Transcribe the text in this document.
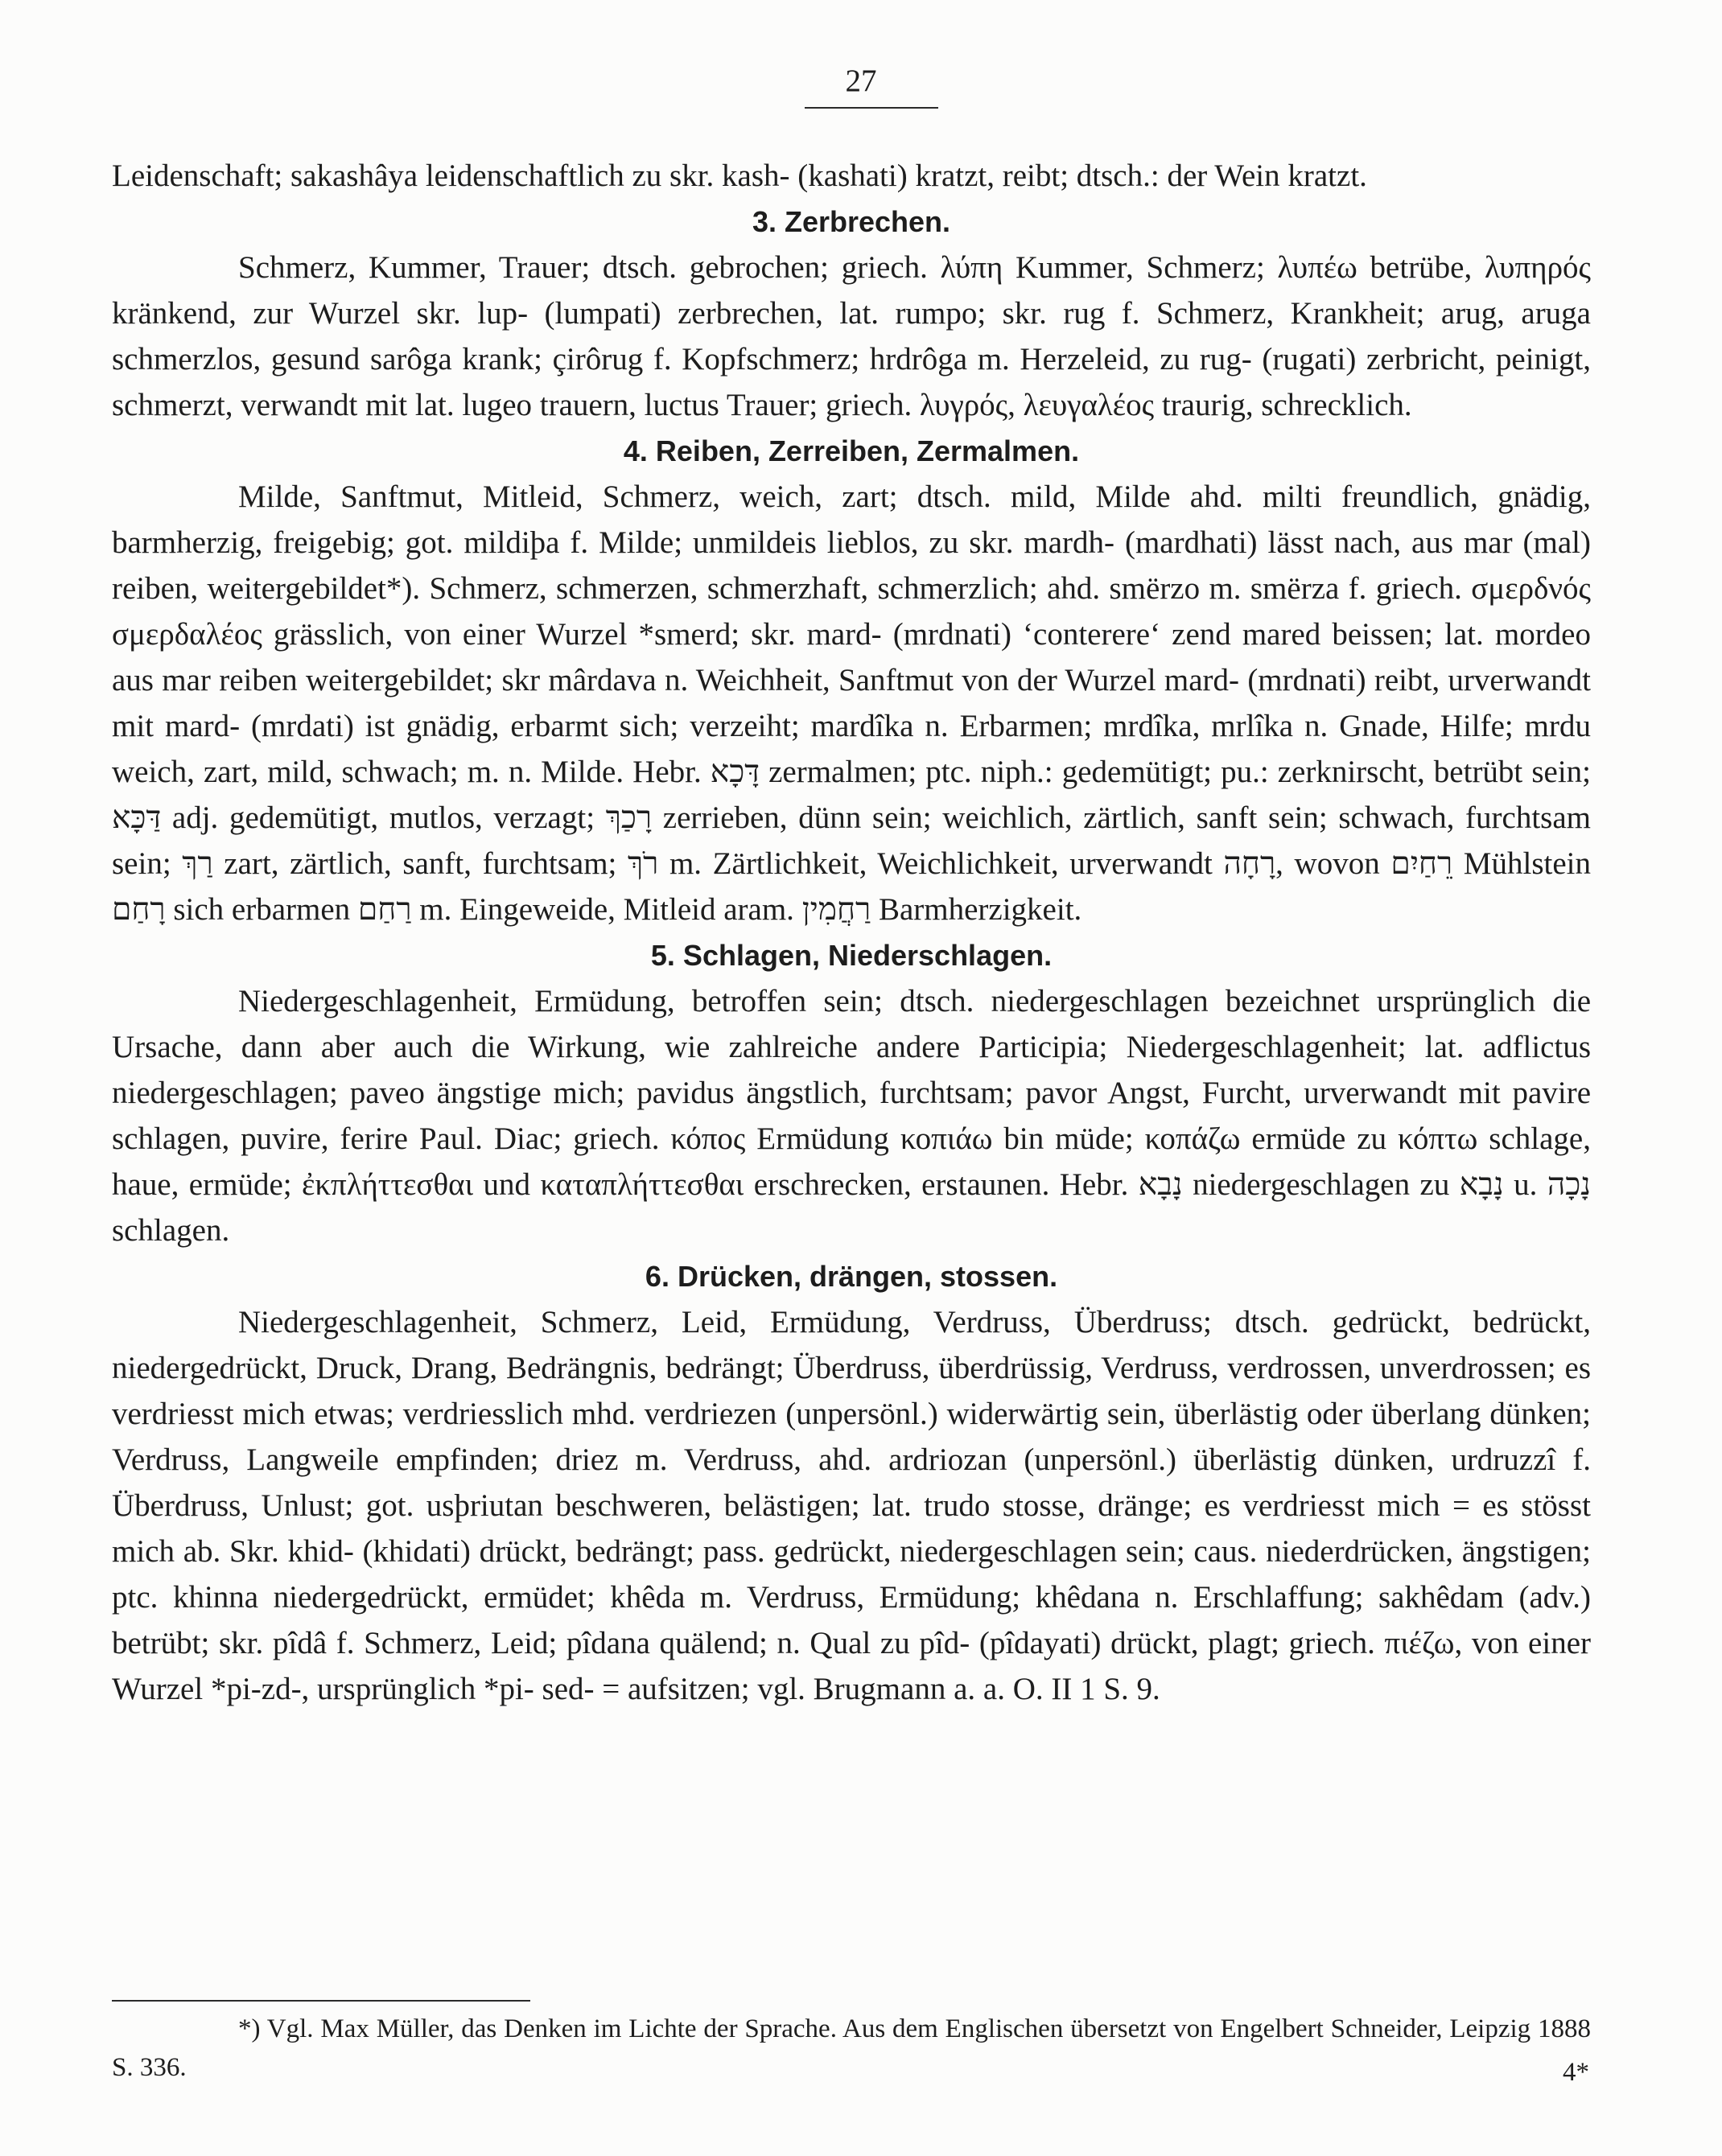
27

Leidenschaft; sakashâya leidenschaftlich zu skr. kash- (kashati) kratzt, reibt; dtsch.: der Wein kratzt.

3. Zerbrechen.

Schmerz, Kummer, Trauer; dtsch. gebrochen; griech. λύπη Kummer, Schmerz; λυπέω betrübe, λυπηρός kränkend, zur Wurzel skr. lup- (lumpati) zerbrechen, lat. rumpo; skr. rug f. Schmerz, Krankheit; arug, aruga schmerzlos, gesund sarôga krank; çirôrug f. Kopfschmerz; hrdrôga m. Herzeleid, zu rug- (rugati) zerbricht, peinigt, schmerzt, verwandt mit lat. lugeo trauern, luctus Trauer; griech. λυγρός, λευγαλέος traurig, schrecklich.

4. Reiben, Zerreiben, Zermalmen.

Milde, Sanftmut, Mitleid, Schmerz, weich, zart; dtsch. mild, Milde ahd. milti freundlich, gnädig, barmherzig, freigebig; got. mildiþa f. Milde; unmildeis lieblos, zu skr. mardh- (mardhati) lässt nach, aus mar (mal) reiben, weitergebildet*). Schmerz, schmerzen, schmerzhaft, schmerzlich; ahd. smërzo m. smërza f. griech. σμερδνός σμερδαλέος grässlich, von einer Wurzel *smerd; skr. mard- (mrdnati) ‘conterere‘ zend mared beissen; lat. mordeo aus mar reiben weitergebildet; skr mârdava n. Weichheit, Sanftmut von der Wurzel mard- (mrdnati) reibt, urverwandt mit mard- (mrdati) ist gnädig, erbarmt sich; verzeiht; mardîka n. Erbarmen; mrdîka, mrlîka n. Gnade, Hilfe; mrdu weich, zart, mild, schwach; m. n. Milde. Hebr. דָּכָא zermalmen; ptc. niph.: gedemütigt; pu.: zerknirscht, betrübt sein; דַּכָּא adj. gedemütigt, mutlos, verzagt; רָכַךְ zerrieben, dünn sein; weichlich, zärtlich, sanft sein; schwach, furchtsam sein; רַךְ zart, zärtlich, sanft, furchtsam; רֹךְ m. Zärtlichkeit, Weichlichkeit, urverwandt רָחָה, wovon רֵחַיִם Mühlstein רָחַם sich erbarmen רַחַם m. Eingeweide, Mitleid aram. רַחֲמִין Barmherzigkeit.

5. Schlagen, Niederschlagen.

Niedergeschlagenheit, Ermüdung, betroffen sein; dtsch. niedergeschlagen bezeichnet ursprünglich die Ursache, dann aber auch die Wirkung, wie zahlreiche andere Participia; Niedergeschlagenheit; lat. adflictus niedergeschlagen; paveo ängstige mich; pavidus ängstlich, furchtsam; pavor Angst, Furcht, urverwandt mit pavire schlagen, puvire, ferire Paul. Diac; griech. κόπος Ermüdung κοπιάω bin müde; κοπάζω ermüde zu κόπτω schlage, haue, ermüde; ἐκπλήττεσθαι und καταπλήττεσθαι erschrecken, erstaunen. Hebr. נָבָא niedergeschlagen zu נָבָא u. נָכָה schlagen.

6. Drücken, drängen, stossen.

Niedergeschlagenheit, Schmerz, Leid, Ermüdung, Verdruss, Überdruss; dtsch. gedrückt, bedrückt, niedergedrückt, Druck, Drang, Bedrängnis, bedrängt; Überdruss, überdrüssig, Verdruss, verdrossen, unverdrossen; es verdriesst mich etwas; verdriesslich mhd. verdriezen (unpersönl.) widerwärtig sein, überlästig oder überlang dünken; Verdruss, Langweile empfinden; driez m. Verdruss, ahd. ardriozan (unpersönl.) überlästig dünken, urdruzzî f. Überdruss, Unlust; got. usþriutan beschweren, belästigen; lat. trudo stosse, dränge; es verdriesst mich = es stösst mich ab. Skr. khid- (khidati) drückt, bedrängt; pass. gedrückt, niedergeschlagen sein; caus. niederdrücken, ängstigen; ptc. khinna niedergedrückt, ermüdet; khêda m. Verdruss, Ermüdung; khêdana n. Erschlaffung; sakhêdam (adv.) betrübt; skr. pîdâ f. Schmerz, Leid; pîdana quälend; n. Qual zu pîd- (pîdayati) drückt, plagt; griech. πιέζω, von einer Wurzel *pi-zd-, ursprünglich *pi- sed- = aufsitzen; vgl. Brugmann a. a. O. II 1 S. 9.

*) Vgl. Max Müller, das Denken im Lichte der Sprache. Aus dem Englischen übersetzt von Engelbert Schneider, Leipzig 1888 S. 336.	4*
